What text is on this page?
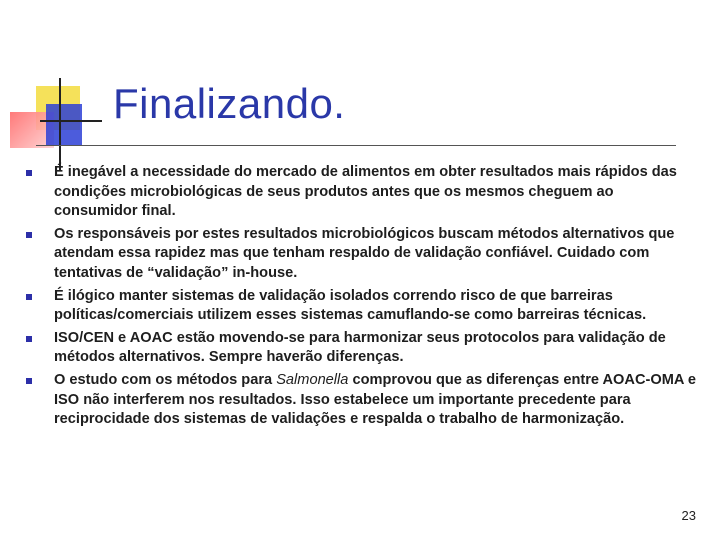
Finalizando.
É inegável a necessidade do mercado de alimentos em obter resultados mais rápidos das condições microbiológicas de seus produtos antes que os mesmos cheguem ao consumidor final.
Os responsáveis por estes resultados microbiológicos buscam métodos alternativos que atendam essa rapidez mas que tenham respaldo de validação confiável. Cuidado com tentativas de “validação” in-house.
É ilógico manter sistemas de validação isolados correndo risco de que barreiras políticas/comerciais utilizem esses sistemas camuflando-se como barreiras técnicas.
ISO/CEN e AOAC estão movendo-se para harmonizar seus protocolos para validação de métodos alternativos. Sempre haverão diferenças.
O estudo com os métodos para Salmonella comprovou que as diferenças entre AOAC-OMA e ISO não interferem nos resultados. Isso estabelece um importante precedente para reciprocidade dos sistemas de validações e respalda o trabalho de harmonização.
23
